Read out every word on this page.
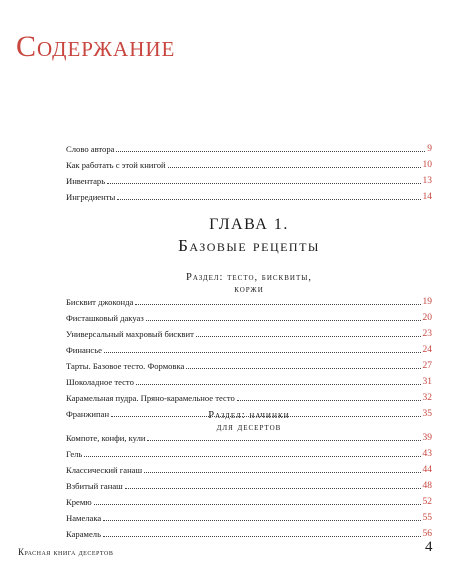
Содержание
Слово автора	9
Как работать с этой книгой	10
Инвентарь	13
Ингредиенты	14
ГЛАВА 1.
Базовые рецепты
Раздел: тесто, бисквиты,
коржи
Бисквит джоконда	19
Фисташковый дакуаз	20
Универсальный махровый бисквит	23
Финансье	24
Тарты. Базовое тесто. Формовка	27
Шоколадное тесто	31
Карамельная пудра. Пряно-карамельное тесто	32
Франжипан	35
Раздел: начинки
для десертов
Компоте, конфи, кули	39
Гель	43
Классический ганаш	44
Взбитый ганаш	48
Кремю	52
Намелака	55
Карамель	56
Красная книга десертов	4
